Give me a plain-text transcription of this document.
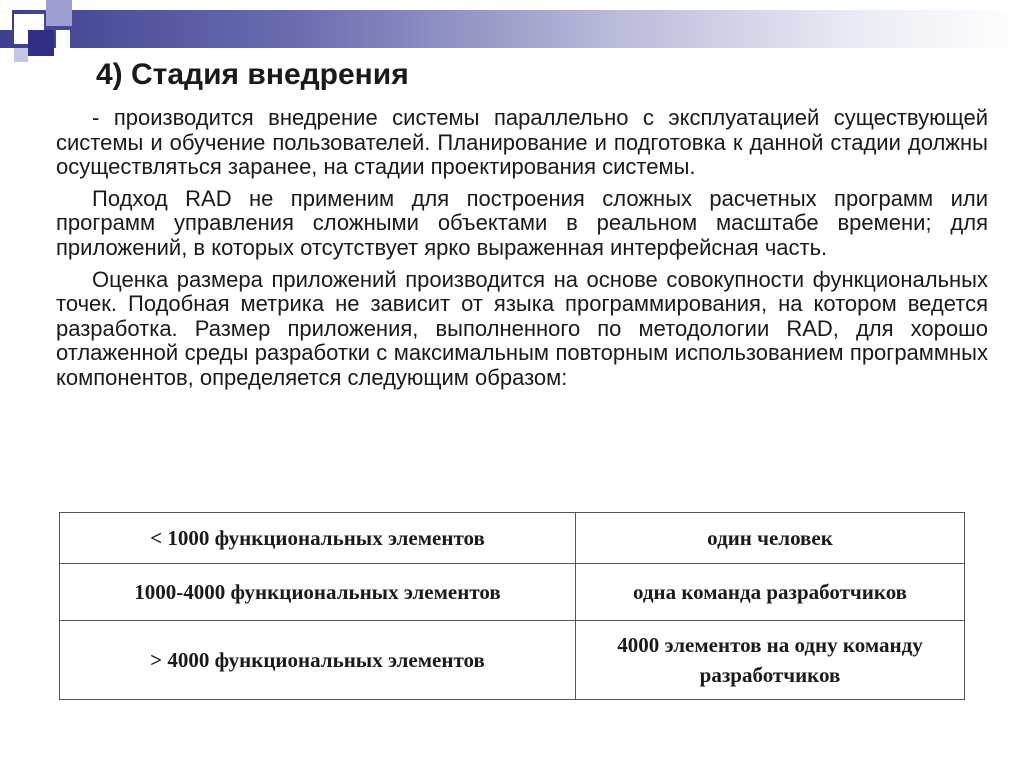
4) Стадия внедрения

- производится внедрение системы параллельно с эксплуатацией существующей системы и обучение пользователей. Планирование и подготовка к данной стадии должны осуществляться заранее, на стадии проектирования системы.

Подход RAD не применим для построения сложных расчетных программ или программ управления сложными объектами в реальном масштабе времени; для приложений, в которых отсутствует ярко выраженная интерфейсная часть.

Оценка размера приложений производится на основе совокупности функциональных точек. Подобная метрика не зависит от языка программирования, на котором ведется разработка. Размер приложения, выполненного по методологии RAD, для хорошо отлаженной среды разработки с максимальным повторным использованием программных компонентов, определяется следующим образом:

< 1000 функциональных элементов	один человек
1000-4000 функциональных элементов	одна команда разработчиков
> 4000 функциональных элементов	4000 элементов на одну команду разработчиков
